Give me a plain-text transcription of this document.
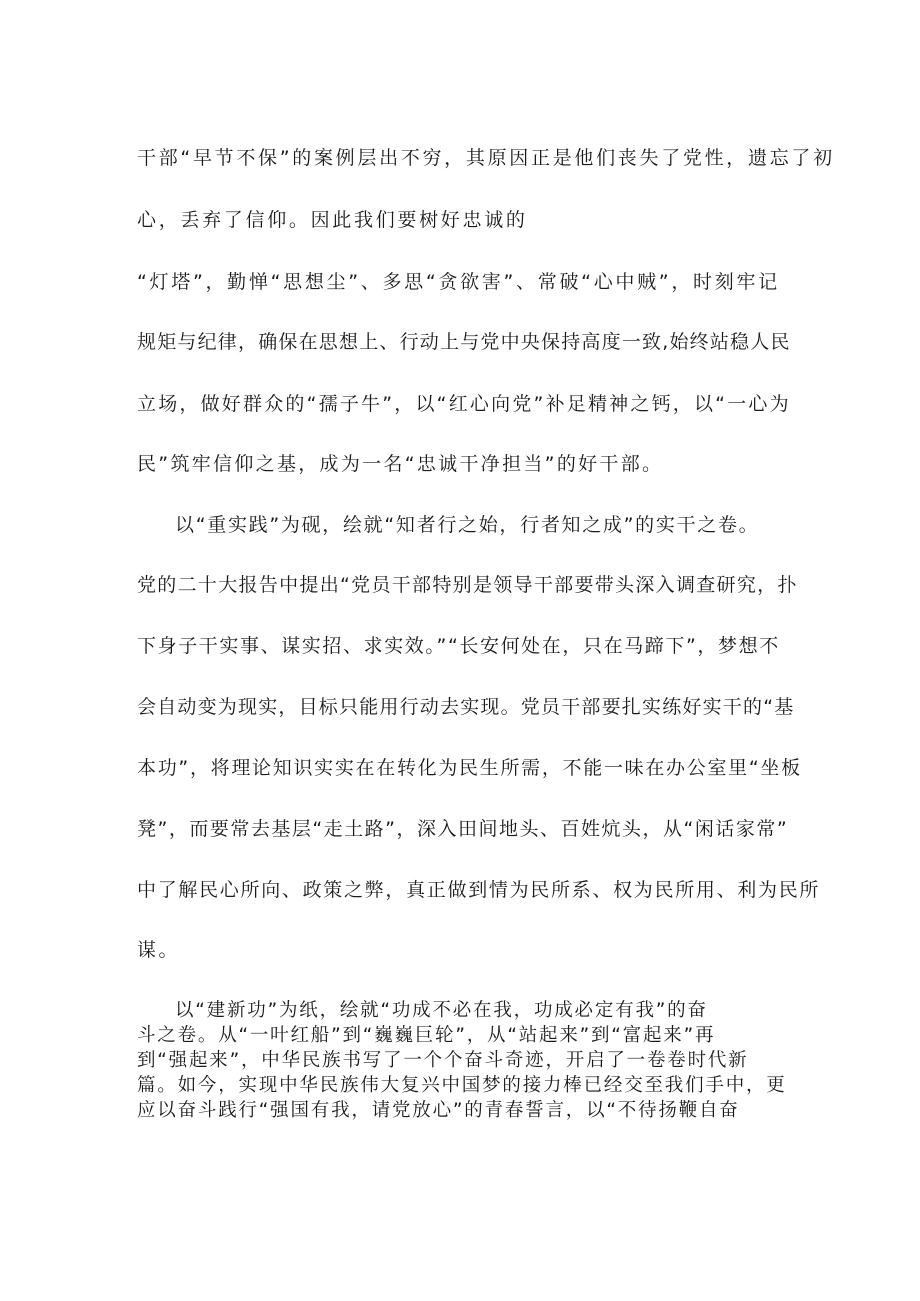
干部“早节不保”的案例层出不穷，其原因正是他们丧失了党性，遗忘了初
心，丢弃了信仰。因此我们要树好忠诚的
“灯塔”，勤惮“思想尘”、多思“贪欲害”、常破“心中贼”，时刻牢记
规矩与纪律，确保在思想上、行动上与党中央保持高度一致,始终站稳人民
立场，做好群众的“孺子牛”，以“红心向党”补足精神之钙，以“一心为
民”筑牢信仰之基，成为一名“忠诚干净担当”的好干部。
以“重实践”为砚，绘就“知者行之始，行者知之成”的实干之卷。
党的二十大报告中提出“党员干部特别是领导干部要带头深入调查研究，扑
下身子干实事、谋实招、求实效。”“长安何处在，只在马蹄下”，梦想不
会自动变为现实，目标只能用行动去实现。党员干部要扎实练好实干的“基
本功”，将理论知识实实在在转化为民生所需，不能一味在办公室里“坐板
凳”，而要常去基层“走土路”，深入田间地头、百姓炕头，从“闲话家常”
中了解民心所向、政策之弊，真正做到情为民所系、权为民所用、利为民所
谋。
以“建新功”为纸，绘就“功成不必在我，功成必定有我”的奋
斗之卷。从“一叶红船”到“巍巍巨轮”，从“站起来”到“富起来”再
到“强起来”，中华民族书写了一个个奋斗奇迹，开启了一卷卷时代新
篇。如今，实现中华民族伟大复兴中国梦的接力棒已经交至我们手中，更
应以奋斗践行“强国有我，请党放心”的青春誓言，以“不待扬鞭自奋
